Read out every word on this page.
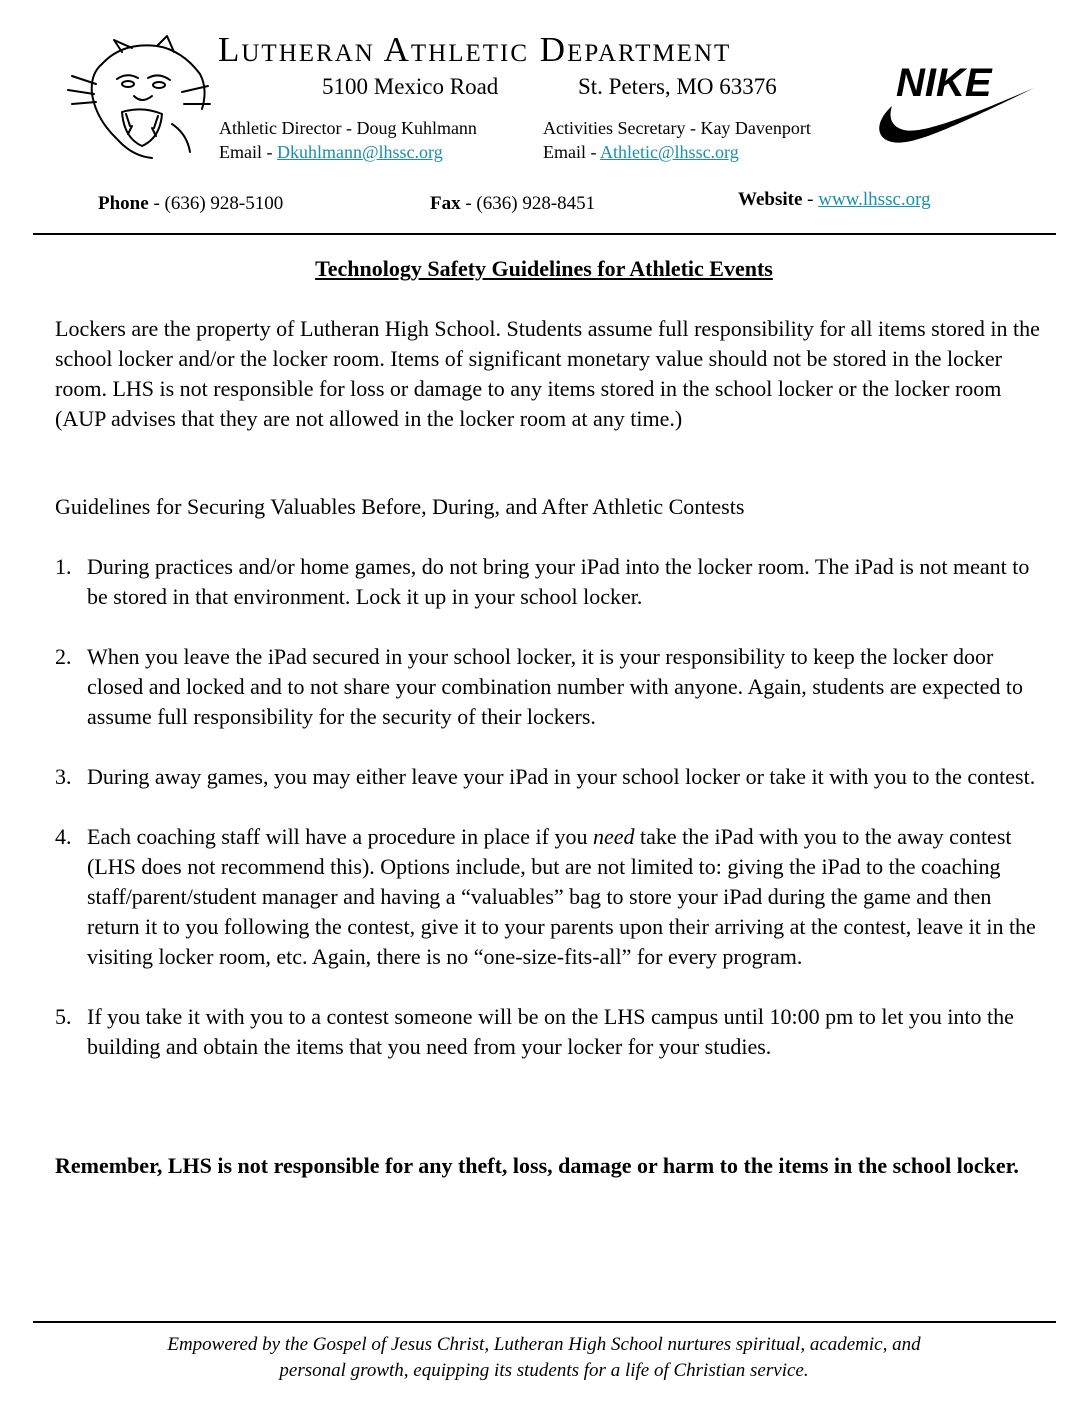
Lutheran Athletic Department
5100 Mexico Road	St. Peters, MO 63376
Athletic Director - Doug Kuhlmann
Email - Dkuhlmann@lhssc.org
Activities Secretary - Kay Davenport
Email - Athletic@lhssc.org
NIKE
Phone - (636) 928-5100	Fax - (636) 928-8451	Website - www.lhssc.org
Technology Safety Guidelines for Athletic Events
Lockers are the property of Lutheran High School. Students assume full responsibility for all items stored in the school locker and/or the locker room. Items of significant monetary value should not be stored in the locker room. LHS is not responsible for loss or damage to any items stored in the school locker or the locker room (AUP advises that they are not allowed in the locker room at any time.)
Guidelines for Securing Valuables Before, During, and After Athletic Contests
1. During practices and/or home games, do not bring your iPad into the locker room. The iPad is not meant to be stored in that environment. Lock it up in your school locker.
2. When you leave the iPad secured in your school locker, it is your responsibility to keep the locker door closed and locked and to not share your combination number with anyone. Again, students are expected to assume full responsibility for the security of their lockers.
3. During away games, you may either leave your iPad in your school locker or take it with you to the contest.
4. Each coaching staff will have a procedure in place if you need take the iPad with you to the away contest (LHS does not recommend this). Options include, but are not limited to: giving the iPad to the coaching staff/parent/student manager and having a “valuables” bag to store your iPad during the game and then return it to you following the contest, give it to your parents upon their arriving at the contest, leave it in the visiting locker room, etc. Again, there is no “one-size-fits-all” for every program.
5. If you take it with you to a contest someone will be on the LHS campus until 10:00 pm to let you into the building and obtain the items that you need from your locker for your studies.
Remember, LHS is not responsible for any theft, loss, damage or harm to the items in the school locker.
Empowered by the Gospel of Jesus Christ, Lutheran High School nurtures spiritual, academic, and
personal growth, equipping its students for a life of Christian service.
